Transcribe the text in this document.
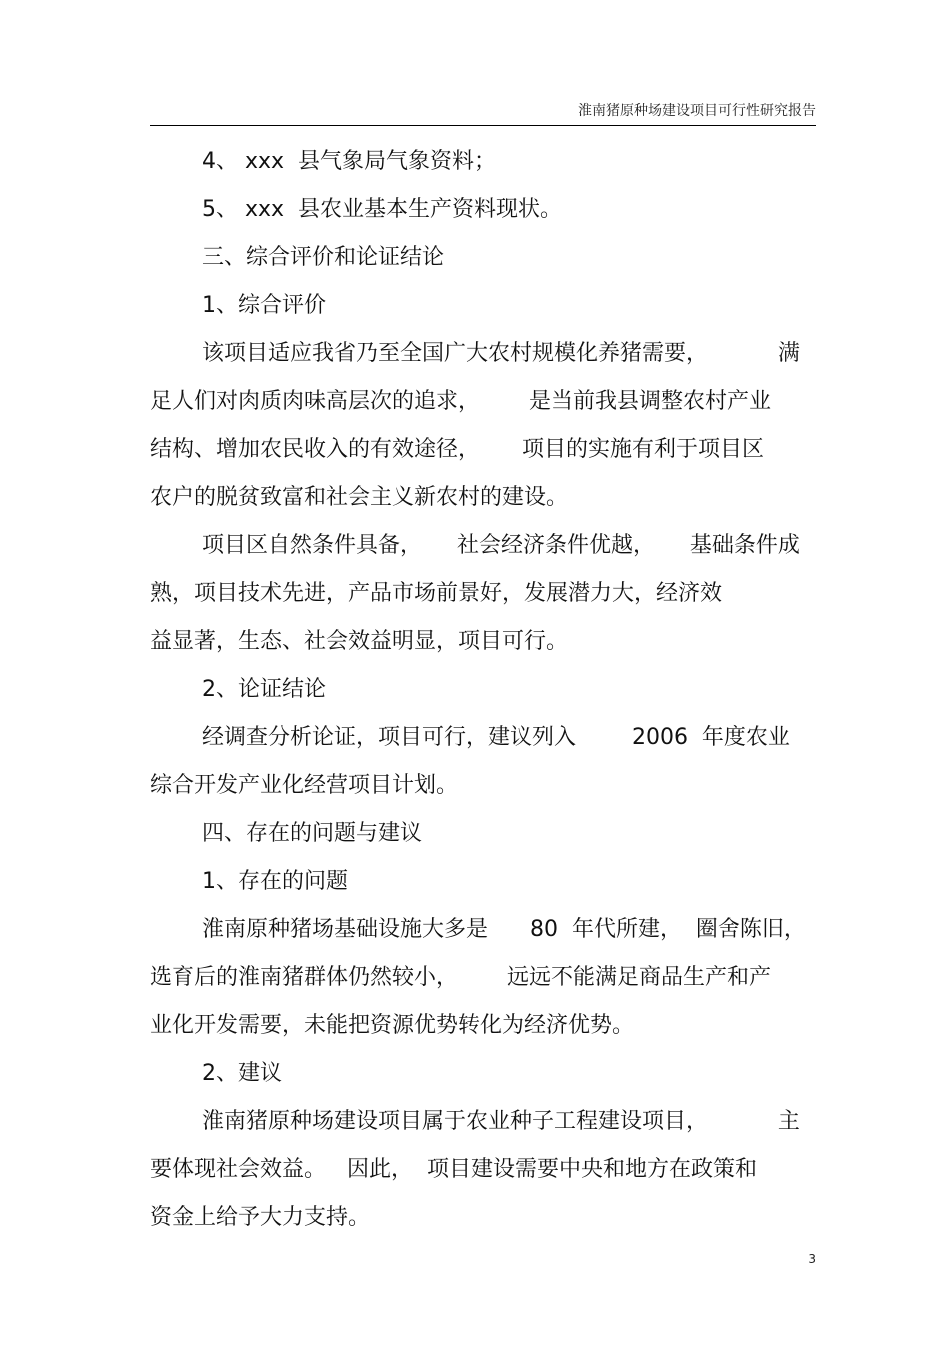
淮南猪原种场建设项目可行性研究报告
4、 xxx  县气象局气象资料；
5、 xxx  县农业基本生产资料现状。
三、综合评价和论证结论
1、综合评价
该项目适应我省乃至全国广大农村规模化养猪需要，          满
足人们对肉质肉味高层次的追求，       是当前我县调整农村产业
结构、增加农民收入的有效途径，      项目的实施有利于项目区
农户的脱贫致富和社会主义新农村的建设。
项目区自然条件具备，     社会经济条件优越，     基础条件成
熟，项目技术先进，产品市场前景好，发展潜力大，经济效
益显著，生态、社会效益明显，项目可行。
2、论证结论
经调查分析论证，项目可行，建议列入        2006  年度农业
综合开发产业化经营项目计划。
四、存在的问题与建议
1、存在的问题
淮南原种猪场基础设施大多是      80  年代所建，  圈舍陈旧，
选育后的淮南猪群体仍然较小，       远远不能满足商品生产和产
业化开发需要，未能把资源优势转化为经济优势。
2、建议
淮南猪原种场建设项目属于农业种子工程建设项目，          主
要体现社会效益。   因此，  项目建设需要中央和地方在政策和
资金上给予大力支持。
3
